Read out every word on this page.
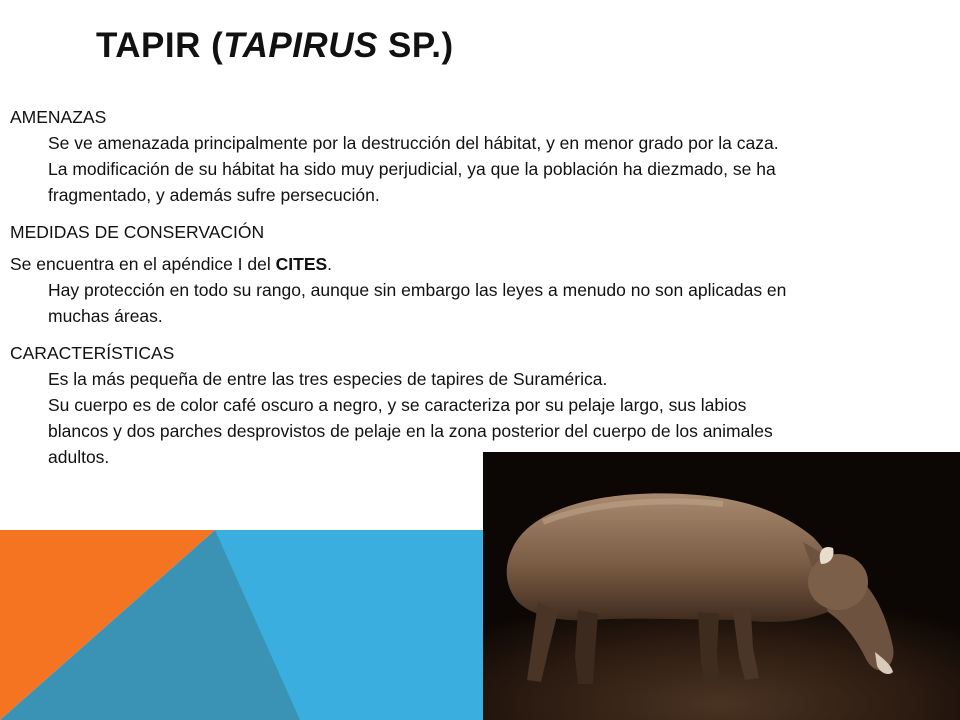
TAPIR (TAPIRUS SP.)

AMENAZAS

Se ve amenazada principalmente por la destrucción del hábitat, y en menor grado por la caza. La modificación de su hábitat ha sido muy perjudicial, ya que la población ha diezmado, se ha fragmentado, y además sufre persecución.

MEDIDAS DE CONSERVACIÓN

Se encuentra en el apéndice I del CITES.

Hay protección en todo su rango, aunque sin embargo las leyes a menudo no son aplicadas en muchas áreas.

CARACTERÍSTICAS

Es la más pequeña de entre las tres especies de tapires de Suramérica.

Su cuerpo es de color café oscuro a negro, y se caracteriza por su pelaje largo, sus labios blancos y dos parches desprovistos de pelaje en la zona posterior del cuerpo de los animales adultos.
